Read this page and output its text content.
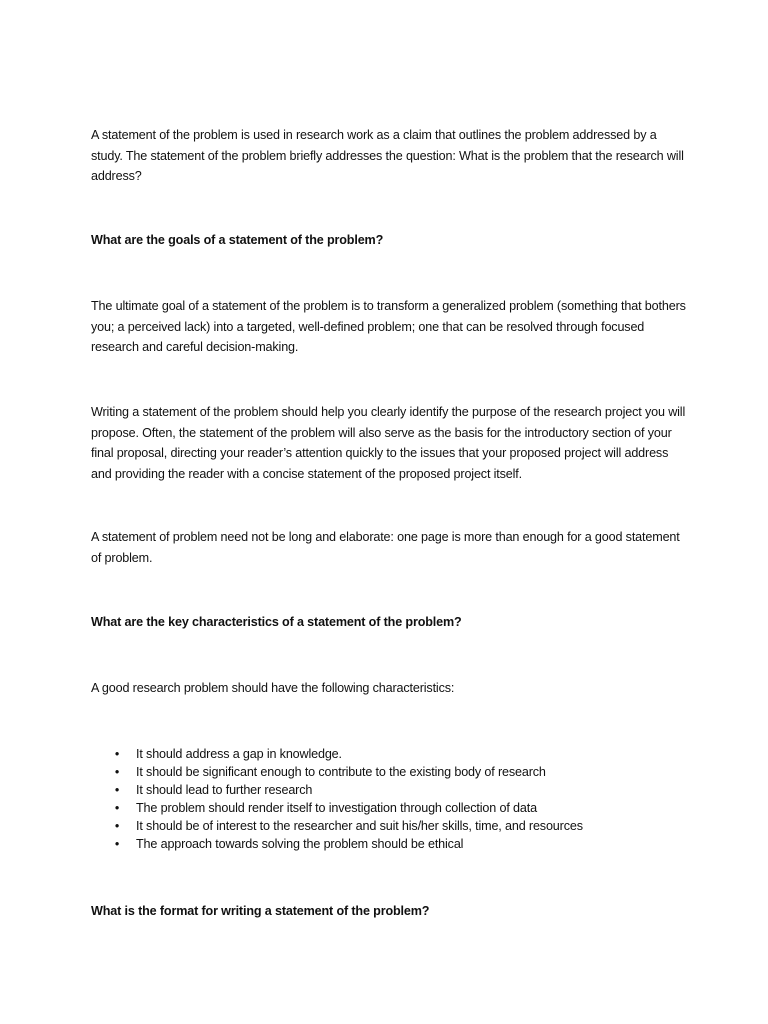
A statement of the problem is used in research work as a claim that outlines the problem addressed by a study. The statement of the problem briefly addresses the question: What is the problem that the research will address?

What are the goals of a statement of the problem?

The ultimate goal of a statement of the problem is to transform a generalized problem (something that bothers you; a perceived lack) into a targeted, well-defined problem; one that can be resolved through focused research and careful decision-making.

Writing a statement of the problem should help you clearly identify the purpose of the research project you will propose. Often, the statement of the problem will also serve as the basis for the introductory section of your final proposal, directing your reader’s attention quickly to the issues that your proposed project will address and providing the reader with a concise statement of the proposed project itself.

A statement of problem need not be long and elaborate: one page is more than enough for a good statement of problem.

What are the key characteristics of a statement of the problem?

A good research problem should have the following characteristics:

• It should address a gap in knowledge.
• It should be significant enough to contribute to the existing body of research
• It should lead to further research
• The problem should render itself to investigation through collection of data
• It should be of interest to the researcher and suit his/her skills, time, and resources
• The approach towards solving the problem should be ethical

What is the format for writing a statement of the problem?
